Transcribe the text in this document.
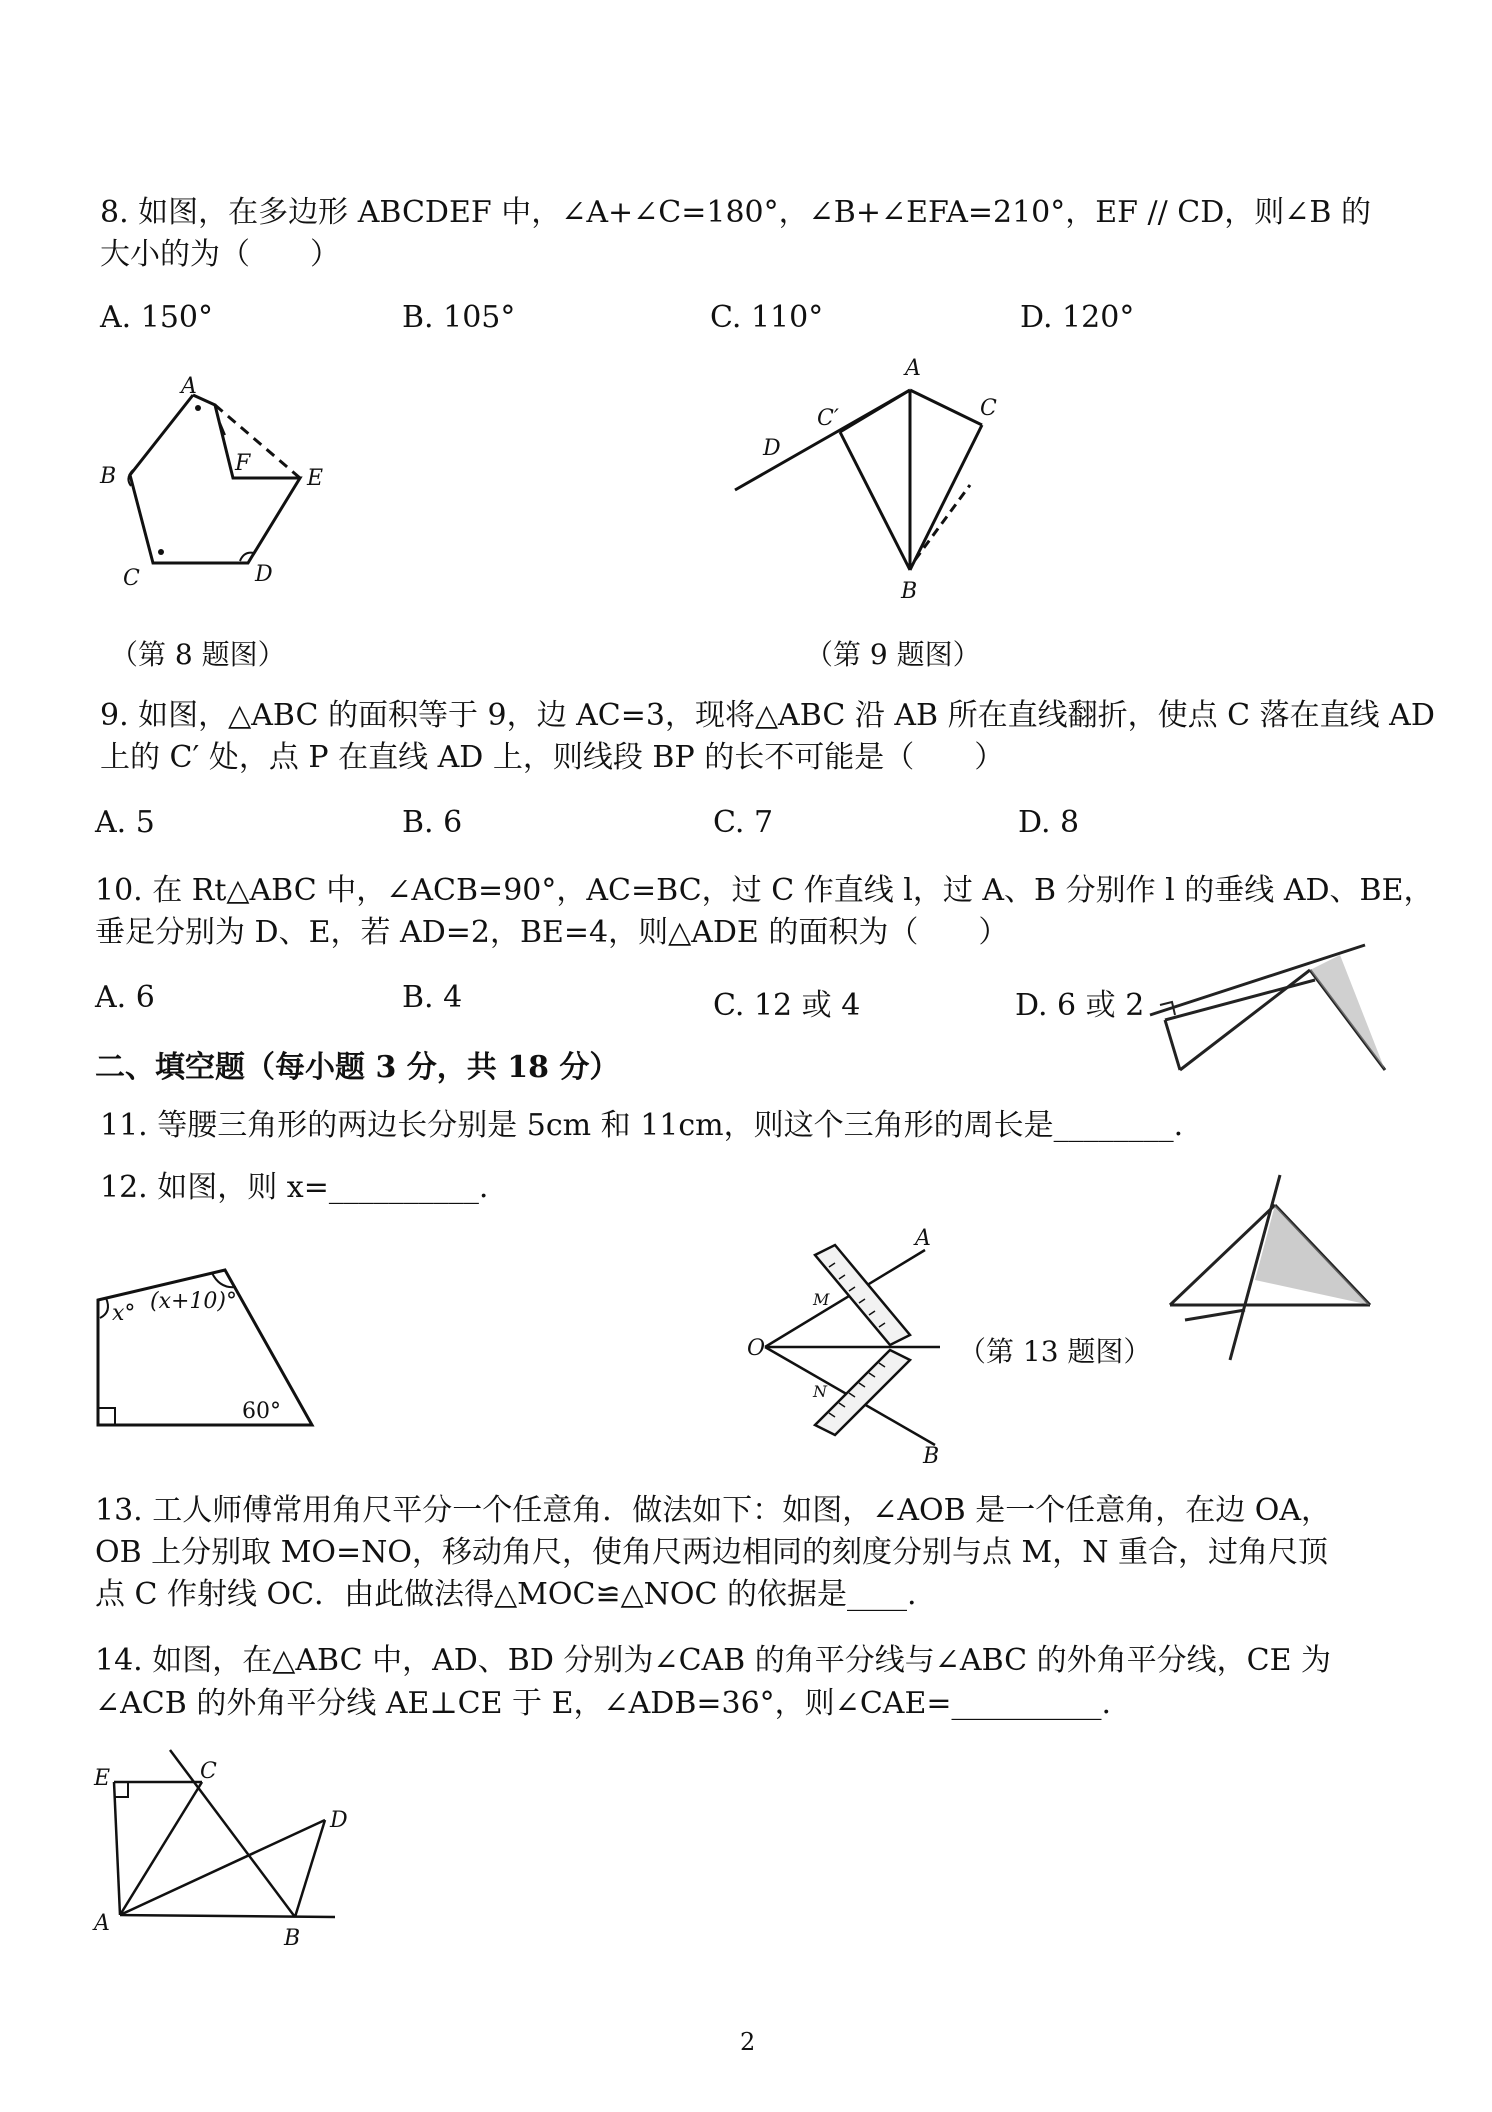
8. 如图，在多边形 ABCDEF 中，∠A+∠C=180°，∠B+∠EFA=210°，EF // CD，则∠B 的
大小的为（　　）
A. 150°	B. 105°	C. 110°	D. 120°
A
B
C	D
E
F
A
C′	C
D
B
（第 8 题图）	（第 9 题图）
9. 如图，△ABC 的面积等于 9，边 AC=3，现将△ABC 沿 AB 所在直线翻折，使点 C 落在直线 AD
上的 C′ 处，点 P 在直线 AD 上，则线段 BP 的长不可能是（　　）
A. 5	B. 6	C. 7	D. 8
10. 在 Rt△ABC 中，∠ACB=90°，AC=BC，过 C 作直线 l，过 A、B 分别作 l 的垂线 AD、BE，
垂足分别为 D、E，若 AD=2，BE=4，则△ADE 的面积为（　　）
A. 6	B. 4	C. 12 或 4	D. 6 或 2
二、填空题（每小题 3 分，共 18 分）
11. 等腰三角形的两边长分别是 5cm 和 11cm，则这个三角形的周长是________.
12. 如图，则 x=__________.
x° (x+10)°
60°
A
O
B
M
N
（第 13 题图）
13. 工人师傅常用角尺平分一个任意角．做法如下：如图，∠AOB 是一个任意角，在边 OA，
OB 上分别取 MO=NO，移动角尺，使角尺两边相同的刻度分别与点 M，N 重合，过角尺顶
点 C 作射线 OC．由此做法得△MOC≌△NOC 的依据是____.
14. 如图，在△ABC 中，AD、BD 分别为∠CAB 的角平分线与∠ABC 的外角平分线，CE 为
∠ACB 的外角平分线 AE⊥CE 于 E，∠ADB=36°，则∠CAE=__________.
E	C
D
A
B
2
